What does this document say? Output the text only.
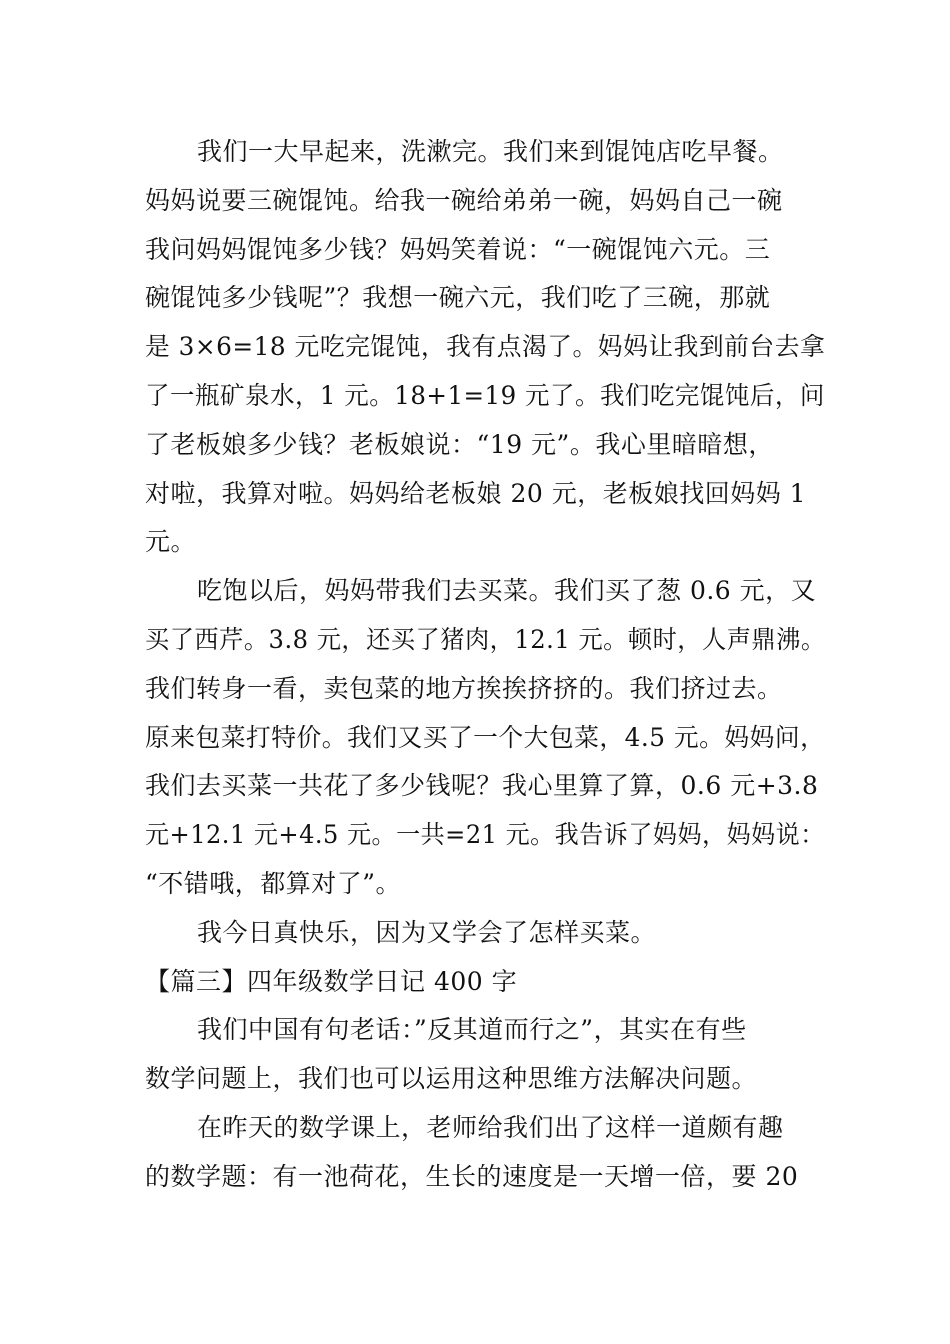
我们一大早起来，洗漱完。我们来到馄饨店吃早餐。
妈妈说要三碗馄饨。给我一碗给弟弟一碗，妈妈自己一碗
我问妈妈馄饨多少钱？妈妈笑着说：“一碗馄饨六元。三
碗馄饨多少钱呢”？我想一碗六元，我们吃了三碗，那就
是 3×6=18 元吃完馄饨，我有点渴了。妈妈让我到前台去拿
了一瓶矿泉水，1 元。18+1=19 元了。我们吃完馄饨后，问
了老板娘多少钱？老板娘说：“19 元”。我心里暗暗想，
对啦，我算对啦。妈妈给老板娘 20 元，老板娘找回妈妈 1
元。
吃饱以后，妈妈带我们去买菜。我们买了葱 0.6 元，又
买了西芹。3.8 元，还买了猪肉，12.1 元。顿时，人声鼎沸。
我们转身一看，卖包菜的地方挨挨挤挤的。我们挤过去。
原来包菜打特价。我们又买了一个大包菜，4.5 元。妈妈问，
我们去买菜一共花了多少钱呢？我心里算了算，0.6 元+3.8
元+12.1 元+4.5 元。一共=21 元。我告诉了妈妈，妈妈说：
“不错哦，都算对了”。
我今日真快乐，因为又学会了怎样买菜。
【篇三】四年级数学日记 400 字
我们中国有句老话：”反其道而行之”，其实在有些
数学问题上，我们也可以运用这种思维方法解决问题。
在昨天的数学课上，老师给我们出了这样一道颇有趣
的数学题：有一池荷花，生长的速度是一天增一倍，要 20
